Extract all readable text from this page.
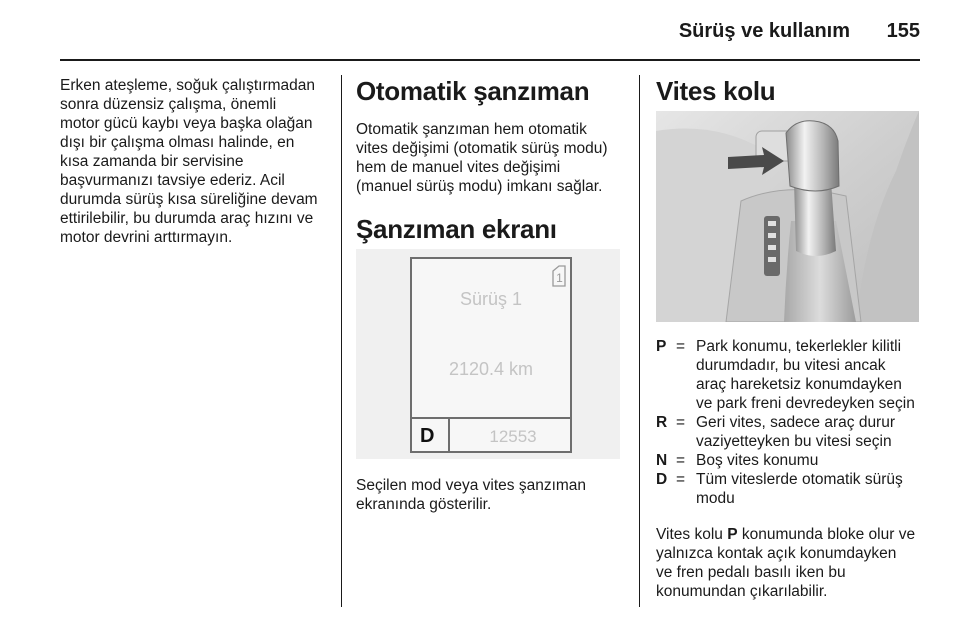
Sürüş ve kullanım 155
Erken ateşleme, soğuk çalıştırmadan
sonra düzensiz çalışma, önemli
motor gücü kaybı veya başka olağan
dışı bir çalışma olması halinde, en
kısa zamanda bir servisine
başvurmanızı tavsiye ederiz. Acil
durumda sürüş kısa süreliğine devam
ettirilebilir, bu durumda araç hızını ve
motor devrini arttırmayın.
Otomatik şanzıman
Otomatik şanzıman hem otomatik
vites değişimi (otomatik sürüş modu)
hem de manuel vites değişimi
(manuel sürüş modu) imkanı sağlar.
Şanzıman ekranı
1
Sürüş 1
2120.4 km
D	12553
Seçilen mod veya vites şanzıman
ekranında gösterilir.
Vites kolu
P = Park konumu, tekerlekler kilitli
durumdadır, bu vitesi ancak
araç hareketsiz konumdayken
ve park freni devredeyken seçin
R = Geri vites, sadece araç durur
vaziyetteyken bu vitesi seçin
N = Boş vites konumu
D = Tüm viteslerde otomatik sürüş
modu
Vites kolu P konumunda bloke olur ve
yalnızca kontak açık konumdayken
ve fren pedalı basılı iken bu
konumundan çıkarılabilir.
